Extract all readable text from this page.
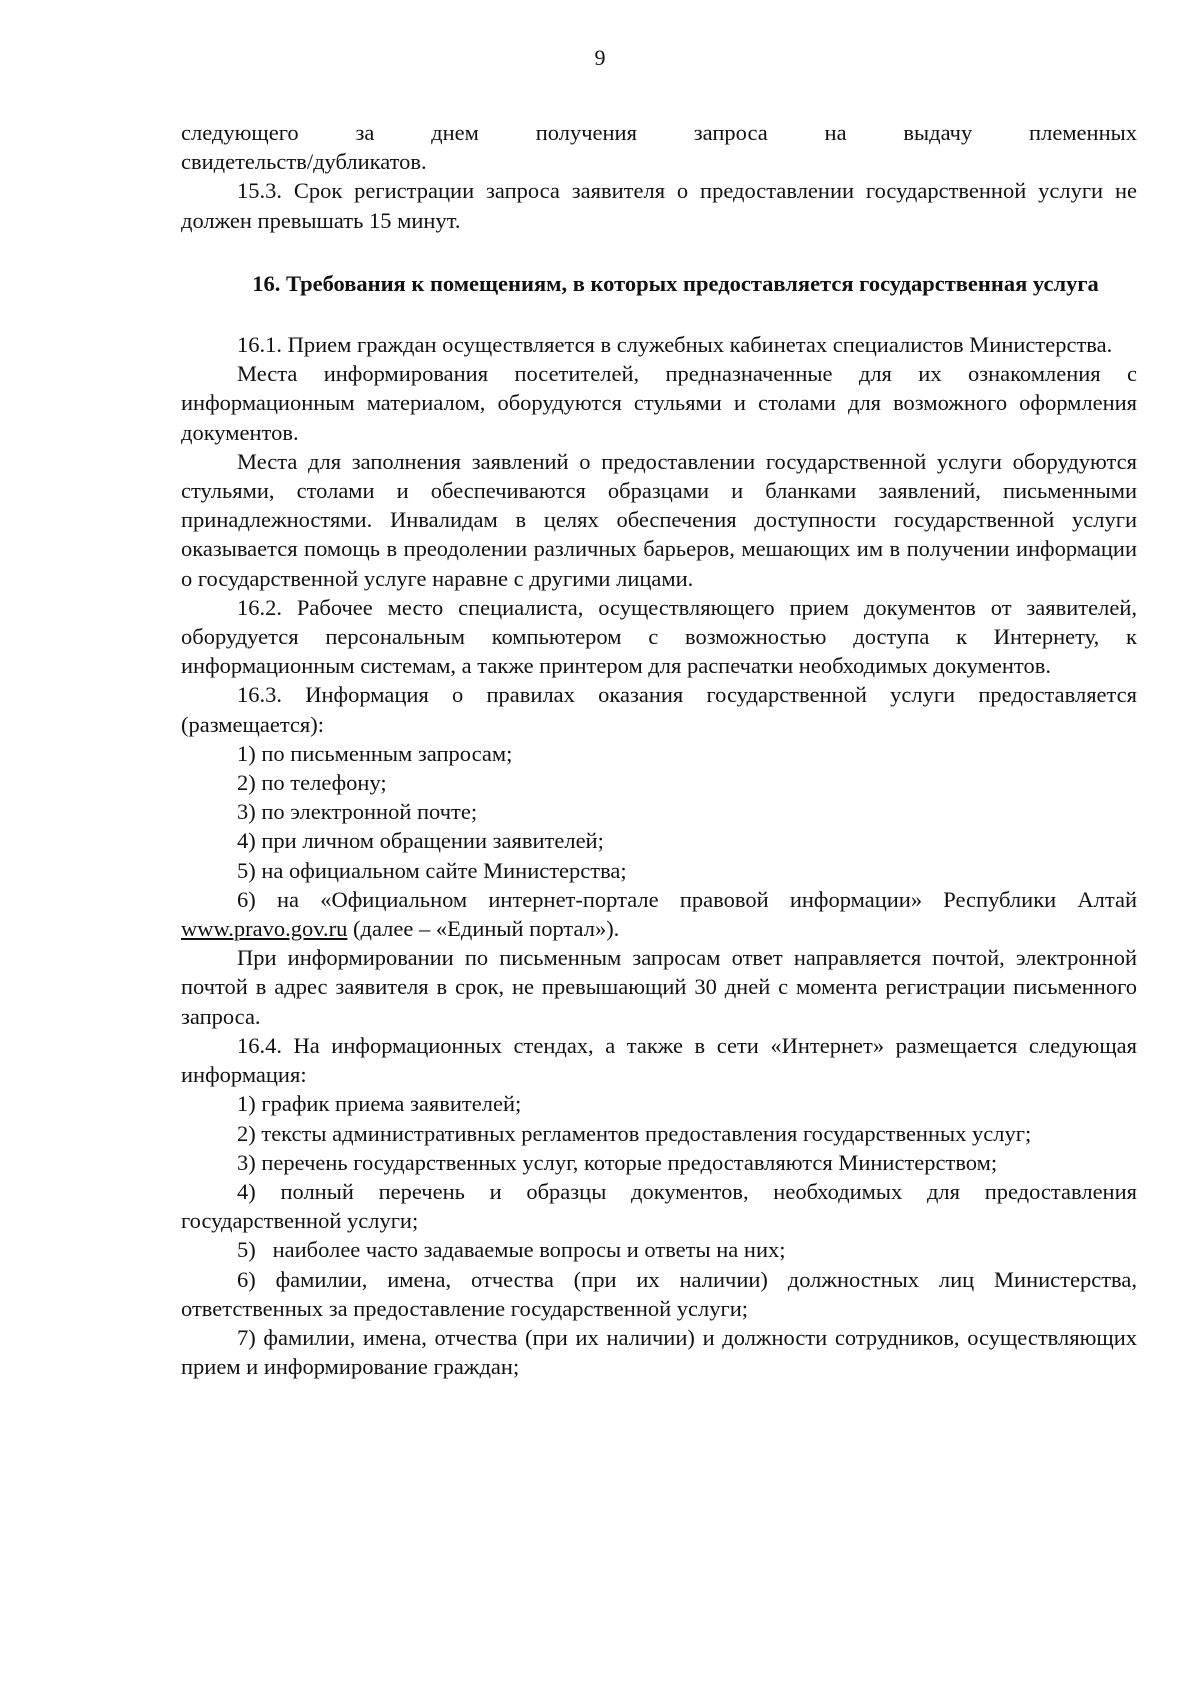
9

следующего за днем получения запроса на выдачу племенных

свидетельств/дубликатов.

15.3. Срок регистрации запроса заявителя о предоставлении государственной услуги не должен превышать 15 минут.

16. Требования к помещениям, в которых предоставляется государственная услуга

16.1. Прием граждан осуществляется в служебных кабинетах специалистов Министерства.

Места информирования посетителей, предназначенные для их ознакомления с информационным материалом, оборудуются стульями и столами для возможного оформления документов.

Места для заполнения заявлений о предоставлении государственной услуги оборудуются стульями, столами и обеспечиваются образцами и бланками заявлений, письменными принадлежностями. Инвалидам в целях обеспечения доступности государственной услуги оказывается помощь в преодолении различных барьеров, мешающих им в получении информации о государственной услуге наравне с другими лицами.

16.2. Рабочее место специалиста, осуществляющего прием документов от заявителей, оборудуется персональным компьютером с возможностью доступа к Интернету, к информационным системам, а также принтером для распечатки необходимых документов.

16.3. Информация о правилах оказания государственной услуги предоставляется (размещается):

1) по письменным запросам;

2) по телефону;

3) по электронной почте;

4) при личном обращении заявителей;

5) на официальном сайте Министерства;

6) на «Официальном интернет-портале правовой информации» Республики Алтай www.pravo.gov.ru (далее – «Единый портал»).

При информировании по письменным запросам ответ направляется почтой, электронной почтой в адрес заявителя в срок, не превышающий 30 дней с момента регистрации письменного запроса.

16.4. На информационных стендах, а также в сети «Интернет» размещается следующая информация:

1) график приема заявителей;

2) тексты административных регламентов предоставления государственных услуг;

3) перечень государственных услуг, которые предоставляются Министерством;

4) полный перечень и образцы документов, необходимых для предоставления государственной услуги;

5)   наиболее часто задаваемые вопросы и ответы на них;

6) фамилии, имена, отчества (при их наличии) должностных лиц Министерства, ответственных за предоставление государственной услуги;

7) фамилии, имена, отчества (при их наличии) и должности сотрудников, осуществляющих прием и информирование граждан;
